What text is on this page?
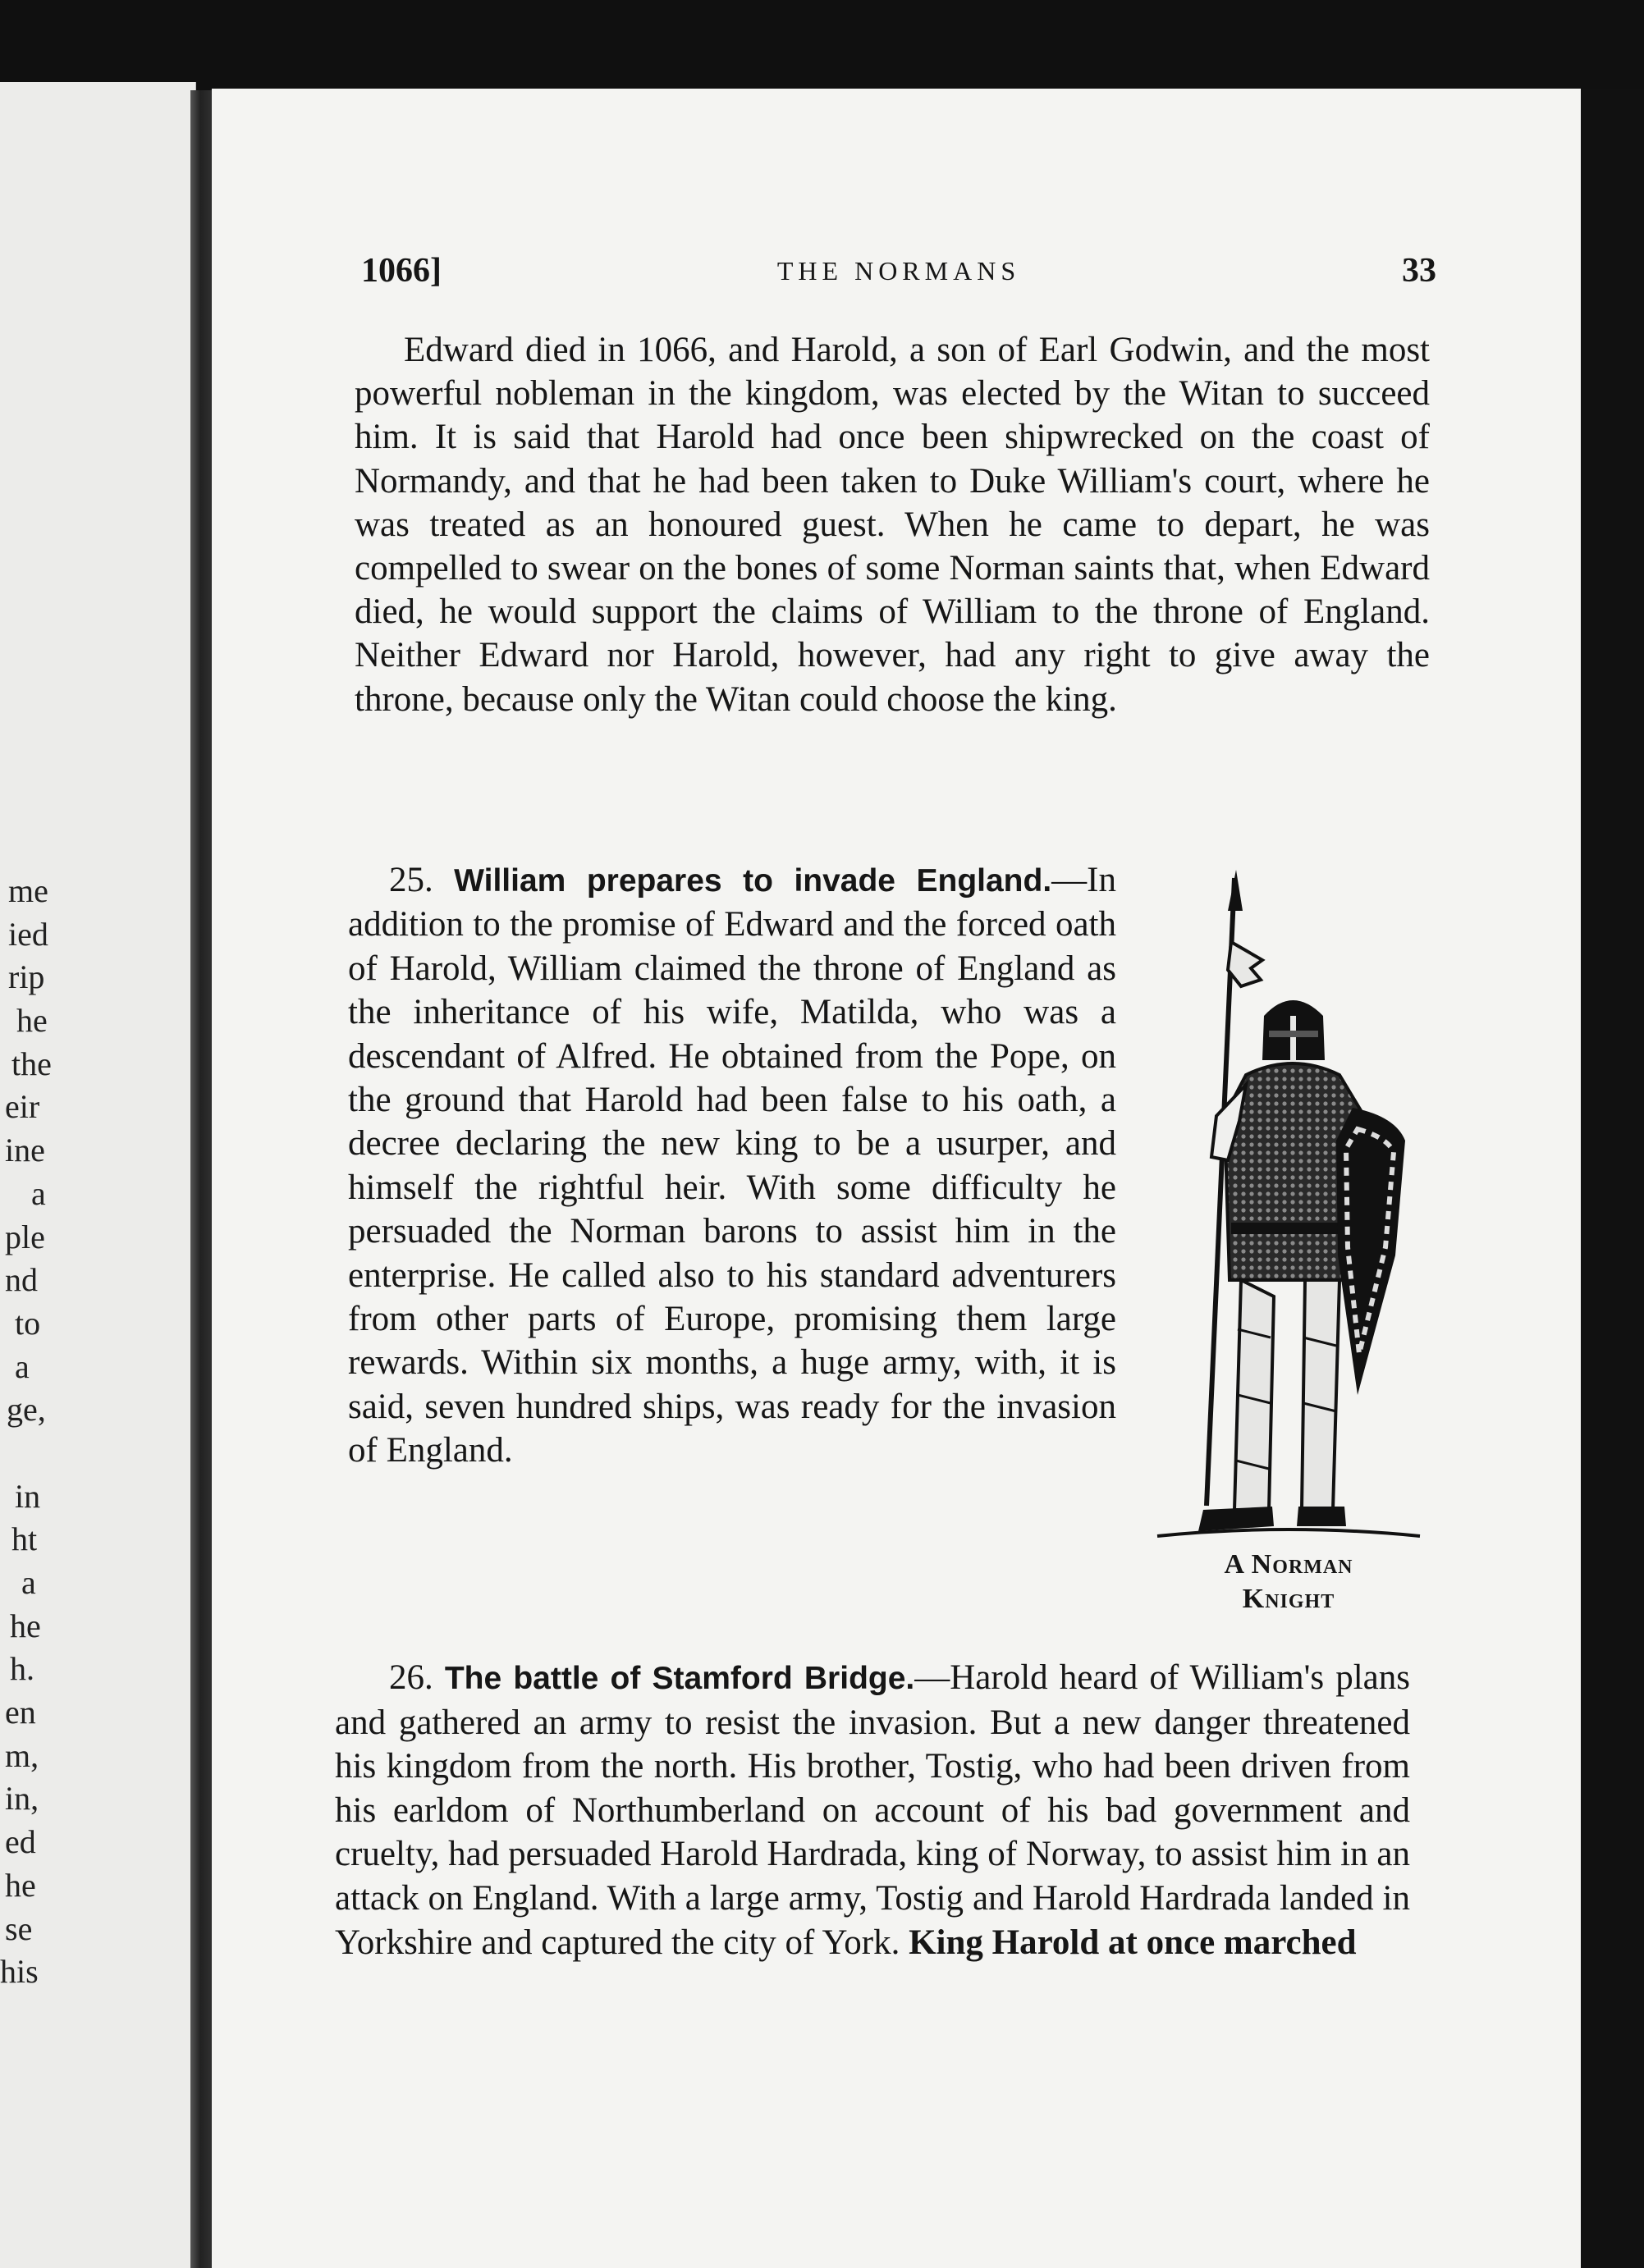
me
ied
rip
he
the
eir
ine
a
ple
nd
to
a
ge,
in
ht
a
he
h.
en
m,
in,
ed
he
se
his
1066]	THE NORMANS	33

Edward died in 1066, and Harold, a son of Earl Godwin, and the most powerful nobleman in the kingdom, was elected by the Witan to succeed him. It is said that Harold had once been shipwrecked on the coast of Normandy, and that he had been taken to Duke William's court, where he was treated as an honoured guest. When he came to depart, he was compelled to swear on the bones of some Norman saints that, when Edward died, he would support the claims of William to the throne of England. Neither Edward nor Harold, however, had any right to give away the throne, because only the Witan could choose the king.

25. William prepares to invade England.—In addition to the promise of Edward and the forced oath of Harold, William claimed the throne of England as the inheritance of his wife, Matilda, who was a descendant of Alfred. He obtained from the Pope, on the ground that Harold had been false to his oath, a decree declaring the new king to be a usurper, and himself the rightful heir. With some difficulty he persuaded the Norman barons to assist him in the enterprise. He called also to his standard adventurers from other parts of Europe, promising them large rewards. Within six months, a huge army, with, it is said, seven hundred ships, was ready for the invasion of England.

A Norman
Knight

26. The battle of Stamford Bridge.—Harold heard of William's plans and gathered an army to resist the invasion. But a new danger threatened his kingdom from the north. His brother, Tostig, who had been driven from his earldom of Northumberland on account of his bad government and cruelty, had persuaded Harold Hardrada, king of Norway, to assist him in an attack on England. With a large army, Tostig and Harold Hardrada landed in Yorkshire and captured the city of York. King Harold at once marched
